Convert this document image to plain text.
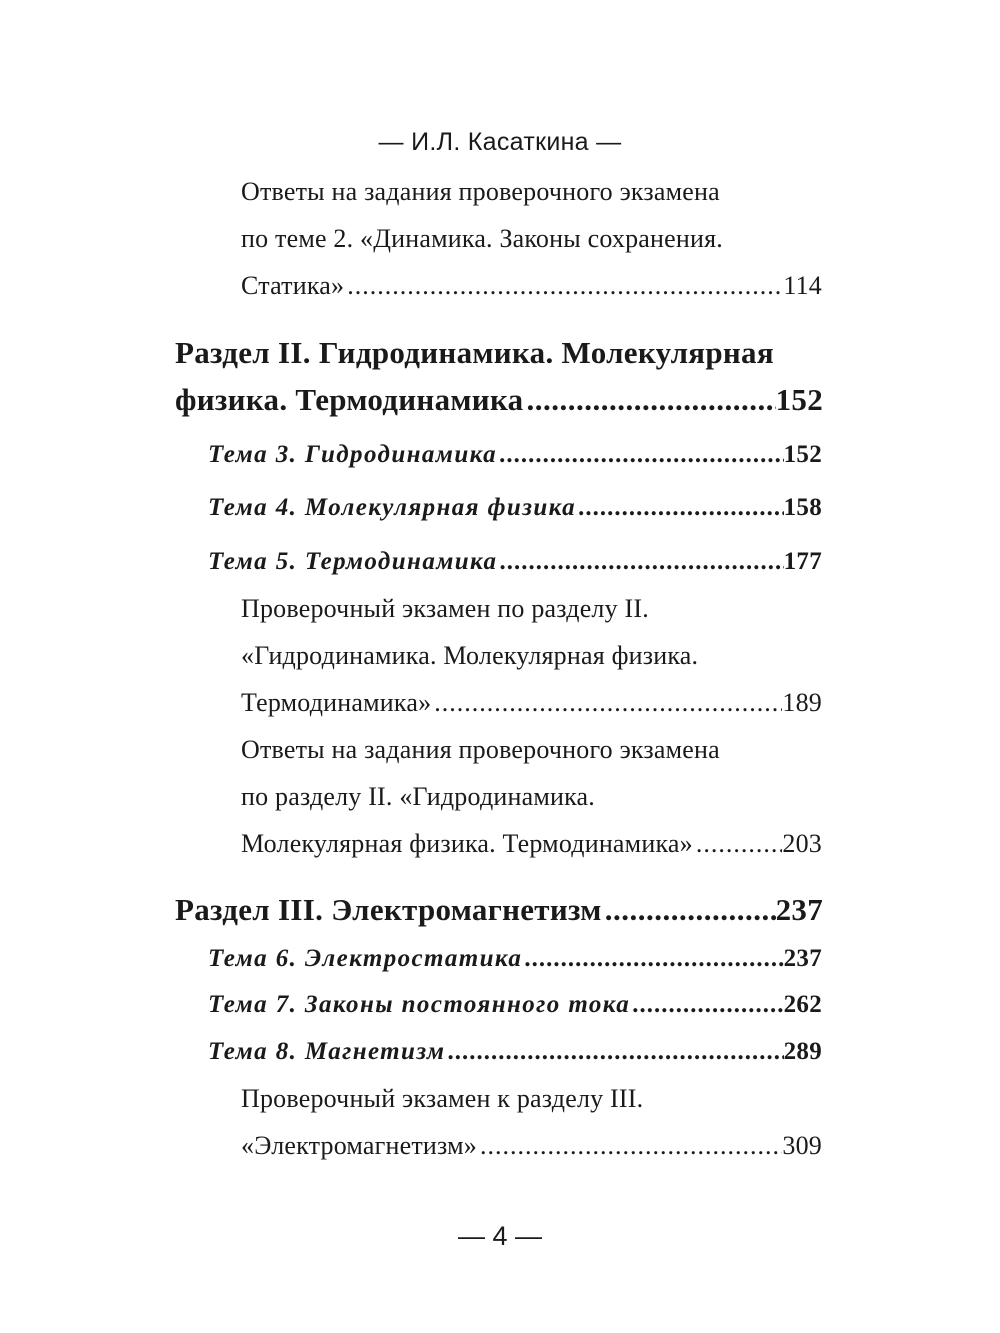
— И.Л. Касаткина —
Ответы на задания проверочного экзамена
по теме 2. «Динамика. Законы сохранения.
Статика» .....	114
Раздел II. Гидродинамика. Молекулярная
физика. Термодинамика .....	152
Тема 3. Гидродинамика .....	152
Тема 4. Молекулярная физика .....	158
Тема 5. Термодинамика .....	177
Проверочный экзамен по разделу II.
«Гидродинамика. Молекулярная физика.
Термодинамика» .....	189
Ответы на задания проверочного экзамена
по разделу II. «Гидродинамика.
Молекулярная физика. Термодинамика» .....	203
Раздел III. Электромагнетизм .....	237
Тема 6. Электростатика .....	237
Тема 7. Законы постоянного тока .....	262
Тема 8. Магнетизм .....	289
Проверочный экзамен к разделу III.
«Электромагнетизм» .....	309
— 4 —
